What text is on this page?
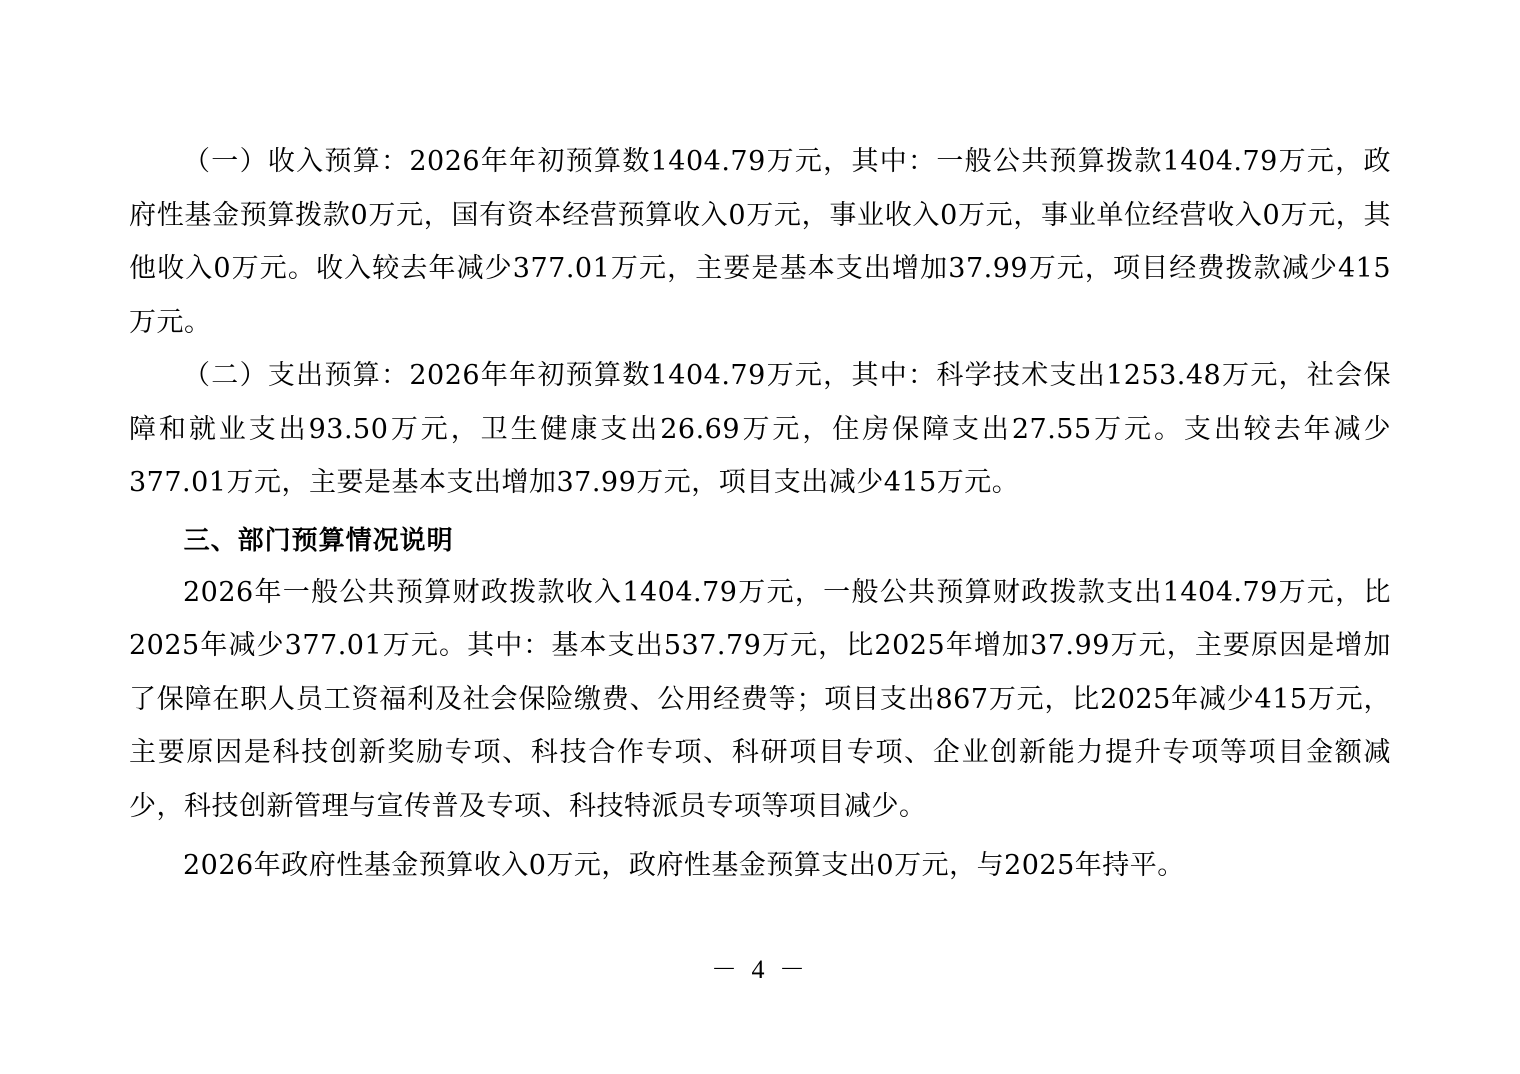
（一）收入预算：2026年年初预算数1404.79万元，其中：一般公共预算拨款1404.79万元，政府性基金预算拨款0万元，国有资本经营预算收入0万元，事业收入0万元，事业单位经营收入0万元，其他收入0万元。收入较去年减少377.01万元，主要是基本支出增加37.99万元，项目经费拨款减少415万元。

（二）支出预算：2026年年初预算数1404.79万元，其中：科学技术支出1253.48万元，社会保障和就业支出93.50万元，卫生健康支出26.69万元，住房保障支出27.55万元。支出较去年减少377.01万元，主要是基本支出增加37.99万元，项目支出减少415万元。

三、部门预算情况说明

2026年一般公共预算财政拨款收入1404.79万元，一般公共预算财政拨款支出1404.79万元，比2025年减少377.01万元。其中：基本支出537.79万元，比2025年增加37.99万元，主要原因是增加了保障在职人员工资福利及社会保险缴费、公用经费等；项目支出867万元，比2025年减少415万元，主要原因是科技创新奖励专项、科技合作专项、科研项目专项、企业创新能力提升专项等项目金额减少，科技创新管理与宣传普及专项、科技特派员专项等项目减少。

2026年政府性基金预算收入0万元，政府性基金预算支出0万元，与2025年持平。

－ 4 －
